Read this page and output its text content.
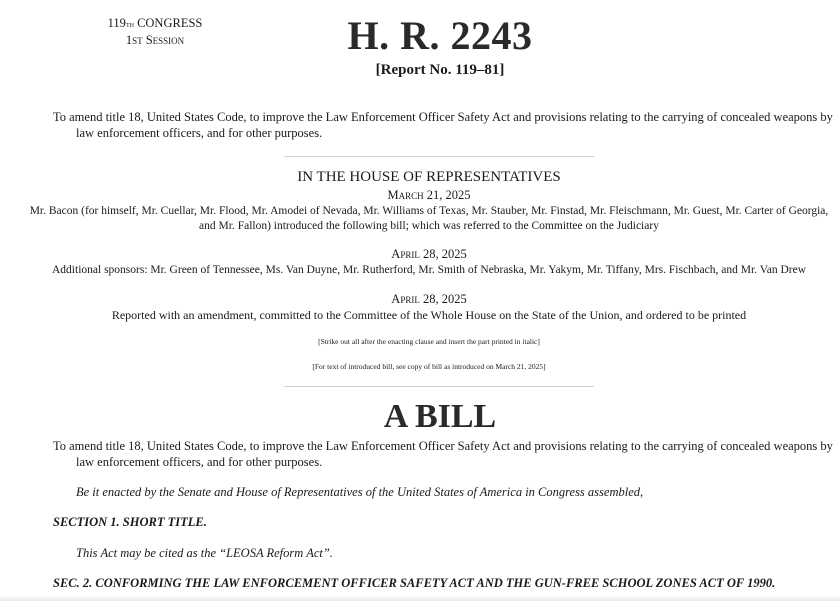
119th CONGRESS
1st Session	H. R. 2243
[Report No. 119–81]
To amend title 18, United States Code, to improve the Law Enforcement Officer Safety Act and provisions relating to the carrying of concealed weapons by law enforcement officers, and for other purposes.
IN THE HOUSE OF REPRESENTATIVES
March 21, 2025
Mr. Bacon (for himself, Mr. Cuellar, Mr. Flood, Mr. Amodei of Nevada, Mr. Williams of Texas, Mr. Stauber, Mr. Finstad, Mr. Fleischmann, Mr. Guest, Mr. Carter of Georgia, and Mr. Fallon) introduced the following bill; which was referred to the Committee on the Judiciary
April 28, 2025
Additional sponsors: Mr. Green of Tennessee, Ms. Van Duyne, Mr. Rutherford, Mr. Smith of Nebraska, Mr. Yakym, Mr. Tiffany, Mrs. Fischbach, and Mr. Van Drew
April 28, 2025
Reported with an amendment, committed to the Committee of the Whole House on the State of the Union, and ordered to be printed
[Strike out all after the enacting clause and insert the part printed in italic]
[For text of introduced bill, see copy of bill as introduced on March 21, 2025]
A BILL
To amend title 18, United States Code, to improve the Law Enforcement Officer Safety Act and provisions relating to the carrying of concealed weapons by law enforcement officers, and for other purposes.
Be it enacted by the Senate and House of Representatives of the United States of America in Congress assembled,
SECTION 1. SHORT TITLE.
This Act may be cited as the “LEOSA Reform Act”.
SEC. 2. CONFORMING THE LAW ENFORCEMENT OFFICER SAFETY ACT AND THE GUN-FREE SCHOOL ZONES ACT OF 1990.
